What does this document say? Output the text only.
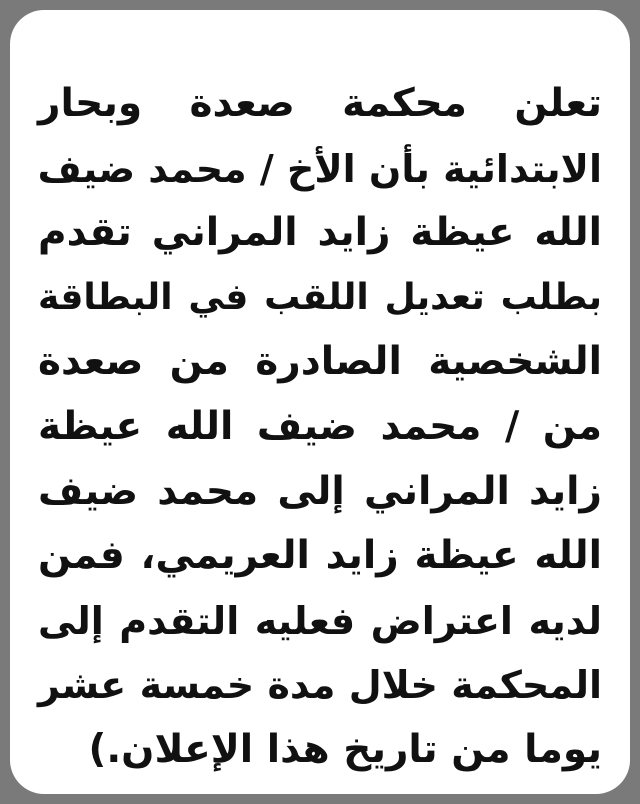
تعلن محكمة صعدة وبحار
الابتدائية بأن الأخ / محمد ضيف
الله عيظة زايد المراني تقدم
بطلب تعديل اللقب في البطاقة
الشخصية الصادرة من صعدة
من / محمد ضيف الله عيظة
زايد المراني إلى محمد ضيف
الله عيظة زايد العريمي، فمن
لديه اعتراض فعليه التقدم إلى
المحكمة خلال مدة خمسة عشر
يوما من تاريخ هذا الإعلان.)
